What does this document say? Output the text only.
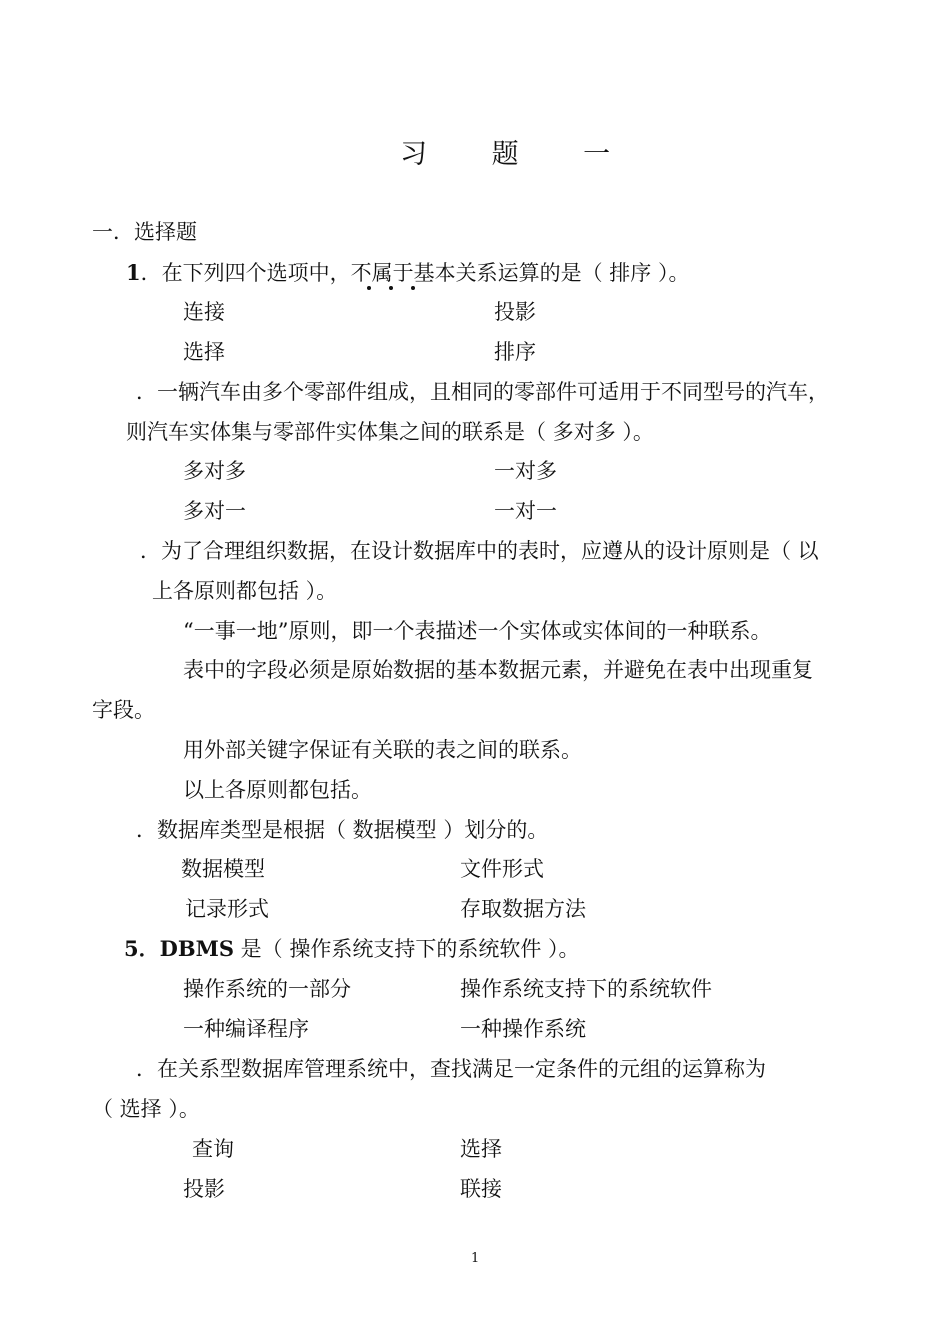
习 题 一
一．选择题
1．在下列四个选项中，不属于基本关系运算的是（ 排序 ）。
连接	投影
选择	排序
．一辆汽车由多个零部件组成，且相同的零部件可适用于不同型号的汽车，
则汽车实体集与零部件实体集之间的联系是（ 多对多 ）。
多对多	一对多
多对一	一对一
．为了合理组织数据，在设计数据库中的表时，应遵从的设计原则是（ 以
上各原则都包括 ）。
“一事一地”原则，即一个表描述一个实体或实体间的一种联系。
表中的字段必须是原始数据的基本数据元素，并避免在表中出现重复
字段。
用外部关键字保证有关联的表之间的联系。
以上各原则都包括。
．数据库类型是根据（ 数据模型 ）划分的。
数据模型	文件形式
记录形式	存取数据方法
5．DBMS 是（ 操作系统支持下的系统软件 ）。
操作系统的一部分	操作系统支持下的系统软件
一种编译程序	一种操作系统
．在关系型数据库管理系统中，查找满足一定条件的元组的运算称为
（ 选择 ）。
查询	选择
投影	联接
1
